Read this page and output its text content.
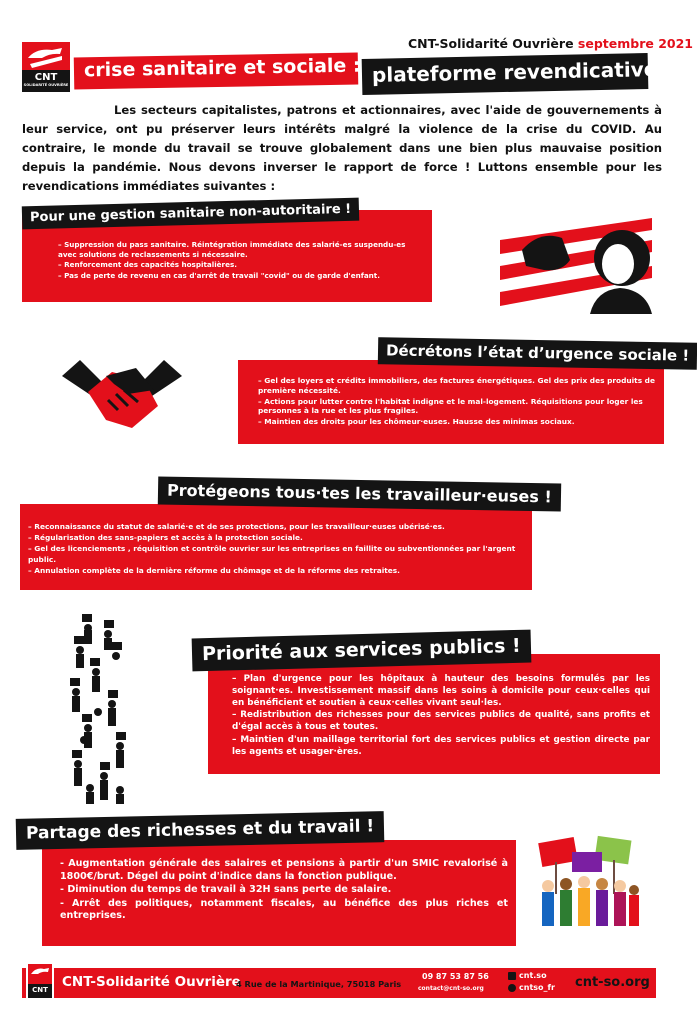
CNT
SOLIDARITÉ OUVRIÈRE
CNT-Solidarité Ouvrière septembre 2021
crise sanitaire et sociale : plateforme revendicative
Les secteurs capitalistes, patrons et actionnaires, avec l'aide de gouvernements à leur service, ont pu préserver leurs intérêts malgré la violence de la crise du COVID. Au contraire, le monde du travail se trouve globalement dans une bien plus mauvaise position depuis la pandémie. Nous devons inverser le rapport de force ! Luttons ensemble pour les revendications immédiates suivantes :
Pour une gestion sanitaire non-autoritaire !
– Suppression du pass sanitaire. Réintégration immédiate des salarié-es suspendu-es avec solutions de reclassements si nécessaire.
– Renforcement des capacités hospitalières.
– Pas de perte de revenu en cas d'arrêt de travail "covid" ou de garde d'enfant.
Décrétons l’état d’urgence sociale !
– Gel des loyers et crédits immobiliers, des factures énergétiques. Gel des prix des produits de première nécessité.
– Actions pour lutter contre l'habitat indigne et le mal-logement. Réquisitions pour loger les personnes à la rue et les plus fragiles.
– Maintien des droits pour les chômeur·euses. Hausse des minimas sociaux.
Protégeons tous·tes les travailleur·euses !
– Reconnaissance du statut de salarié·e et de ses protections, pour les travailleur·euses ubérisé·es.
– Régularisation des sans-papiers et accès à la protection sociale.
– Gel des licenciements , réquisition et contrôle ouvrier sur les entreprises en faillite ou subventionnées par l'argent public.
– Annulation complète de la dernière réforme du chômage et de la réforme des retraites.
Priorité aux services publics !
– Plan d'urgence pour les hôpitaux à hauteur des besoins formulés par les soignant·es. Investissement massif dans les soins à domicile pour ceux·celles qui en bénéficient et soutien à ceux·celles vivant seul·les.
– Redistribution des richesses pour des services publics de qualité, sans profits et d'égal accès à tous et toutes.
– Maintien d'un maillage territorial fort des services publics et gestion directe par les agents et usager·ères.
Partage des richesses et du travail !
- Augmentation générale des salaires et pensions à partir d'un SMIC revalorisé à 1800€/brut. Dégel du point d'indice dans la fonction publique.
- Diminution du temps de travail à 32H sans perte de salaire.
- Arrêt des politiques, notamment fiscales, au bénéfice des plus riches et entreprises.
CNT	CNT-Solidarité Ouvrière
4 Rue de la Martinique, 75018 Paris
09 87 53 87 56
contact@cnt-so.org
cnt.so
cntso_fr cnt-so.org
